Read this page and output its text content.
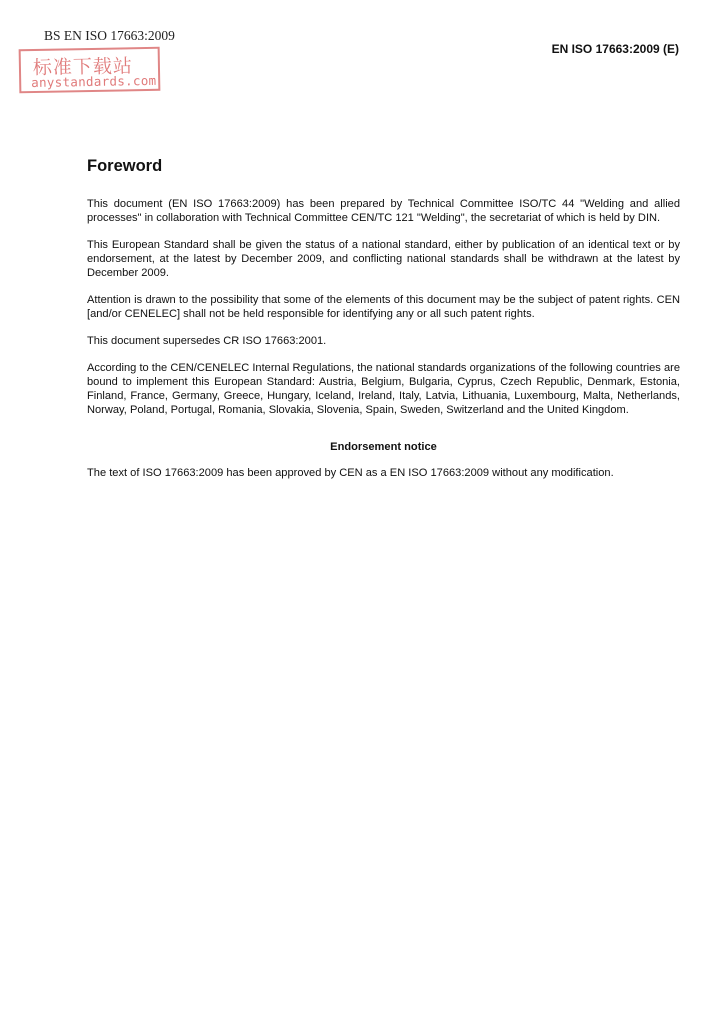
BS EN ISO 17663:2009
EN ISO 17663:2009 (E)
标准下载站
anystandards.com
Foreword

This document (EN ISO 17663:2009) has been prepared by Technical Committee ISO/TC 44 "Welding and allied processes" in collaboration with Technical Committee CEN/TC 121 "Welding", the secretariat of which is held by DIN.

This European Standard shall be given the status of a national standard, either by publication of an identical text or by endorsement, at the latest by December 2009, and conflicting national standards shall be withdrawn at the latest by December 2009.

Attention is drawn to the possibility that some of the elements of this document may be the subject of patent rights. CEN [and/or CENELEC] shall not be held responsible for identifying any or all such patent rights.

This document supersedes CR ISO 17663:2001.

According to the CEN/CENELEC Internal Regulations, the national standards organizations of the following countries are bound to implement this European Standard: Austria, Belgium, Bulgaria, Cyprus, Czech Republic, Denmark, Estonia, Finland, France, Germany, Greece, Hungary, Iceland, Ireland, Italy, Latvia, Lithuania, Luxembourg, Malta, Netherlands, Norway, Poland, Portugal, Romania, Slovakia, Slovenia, Spain, Sweden, Switzerland and the United Kingdom.

Endorsement notice

The text of ISO 17663:2009 has been approved by CEN as a EN ISO 17663:2009 without any modification.
